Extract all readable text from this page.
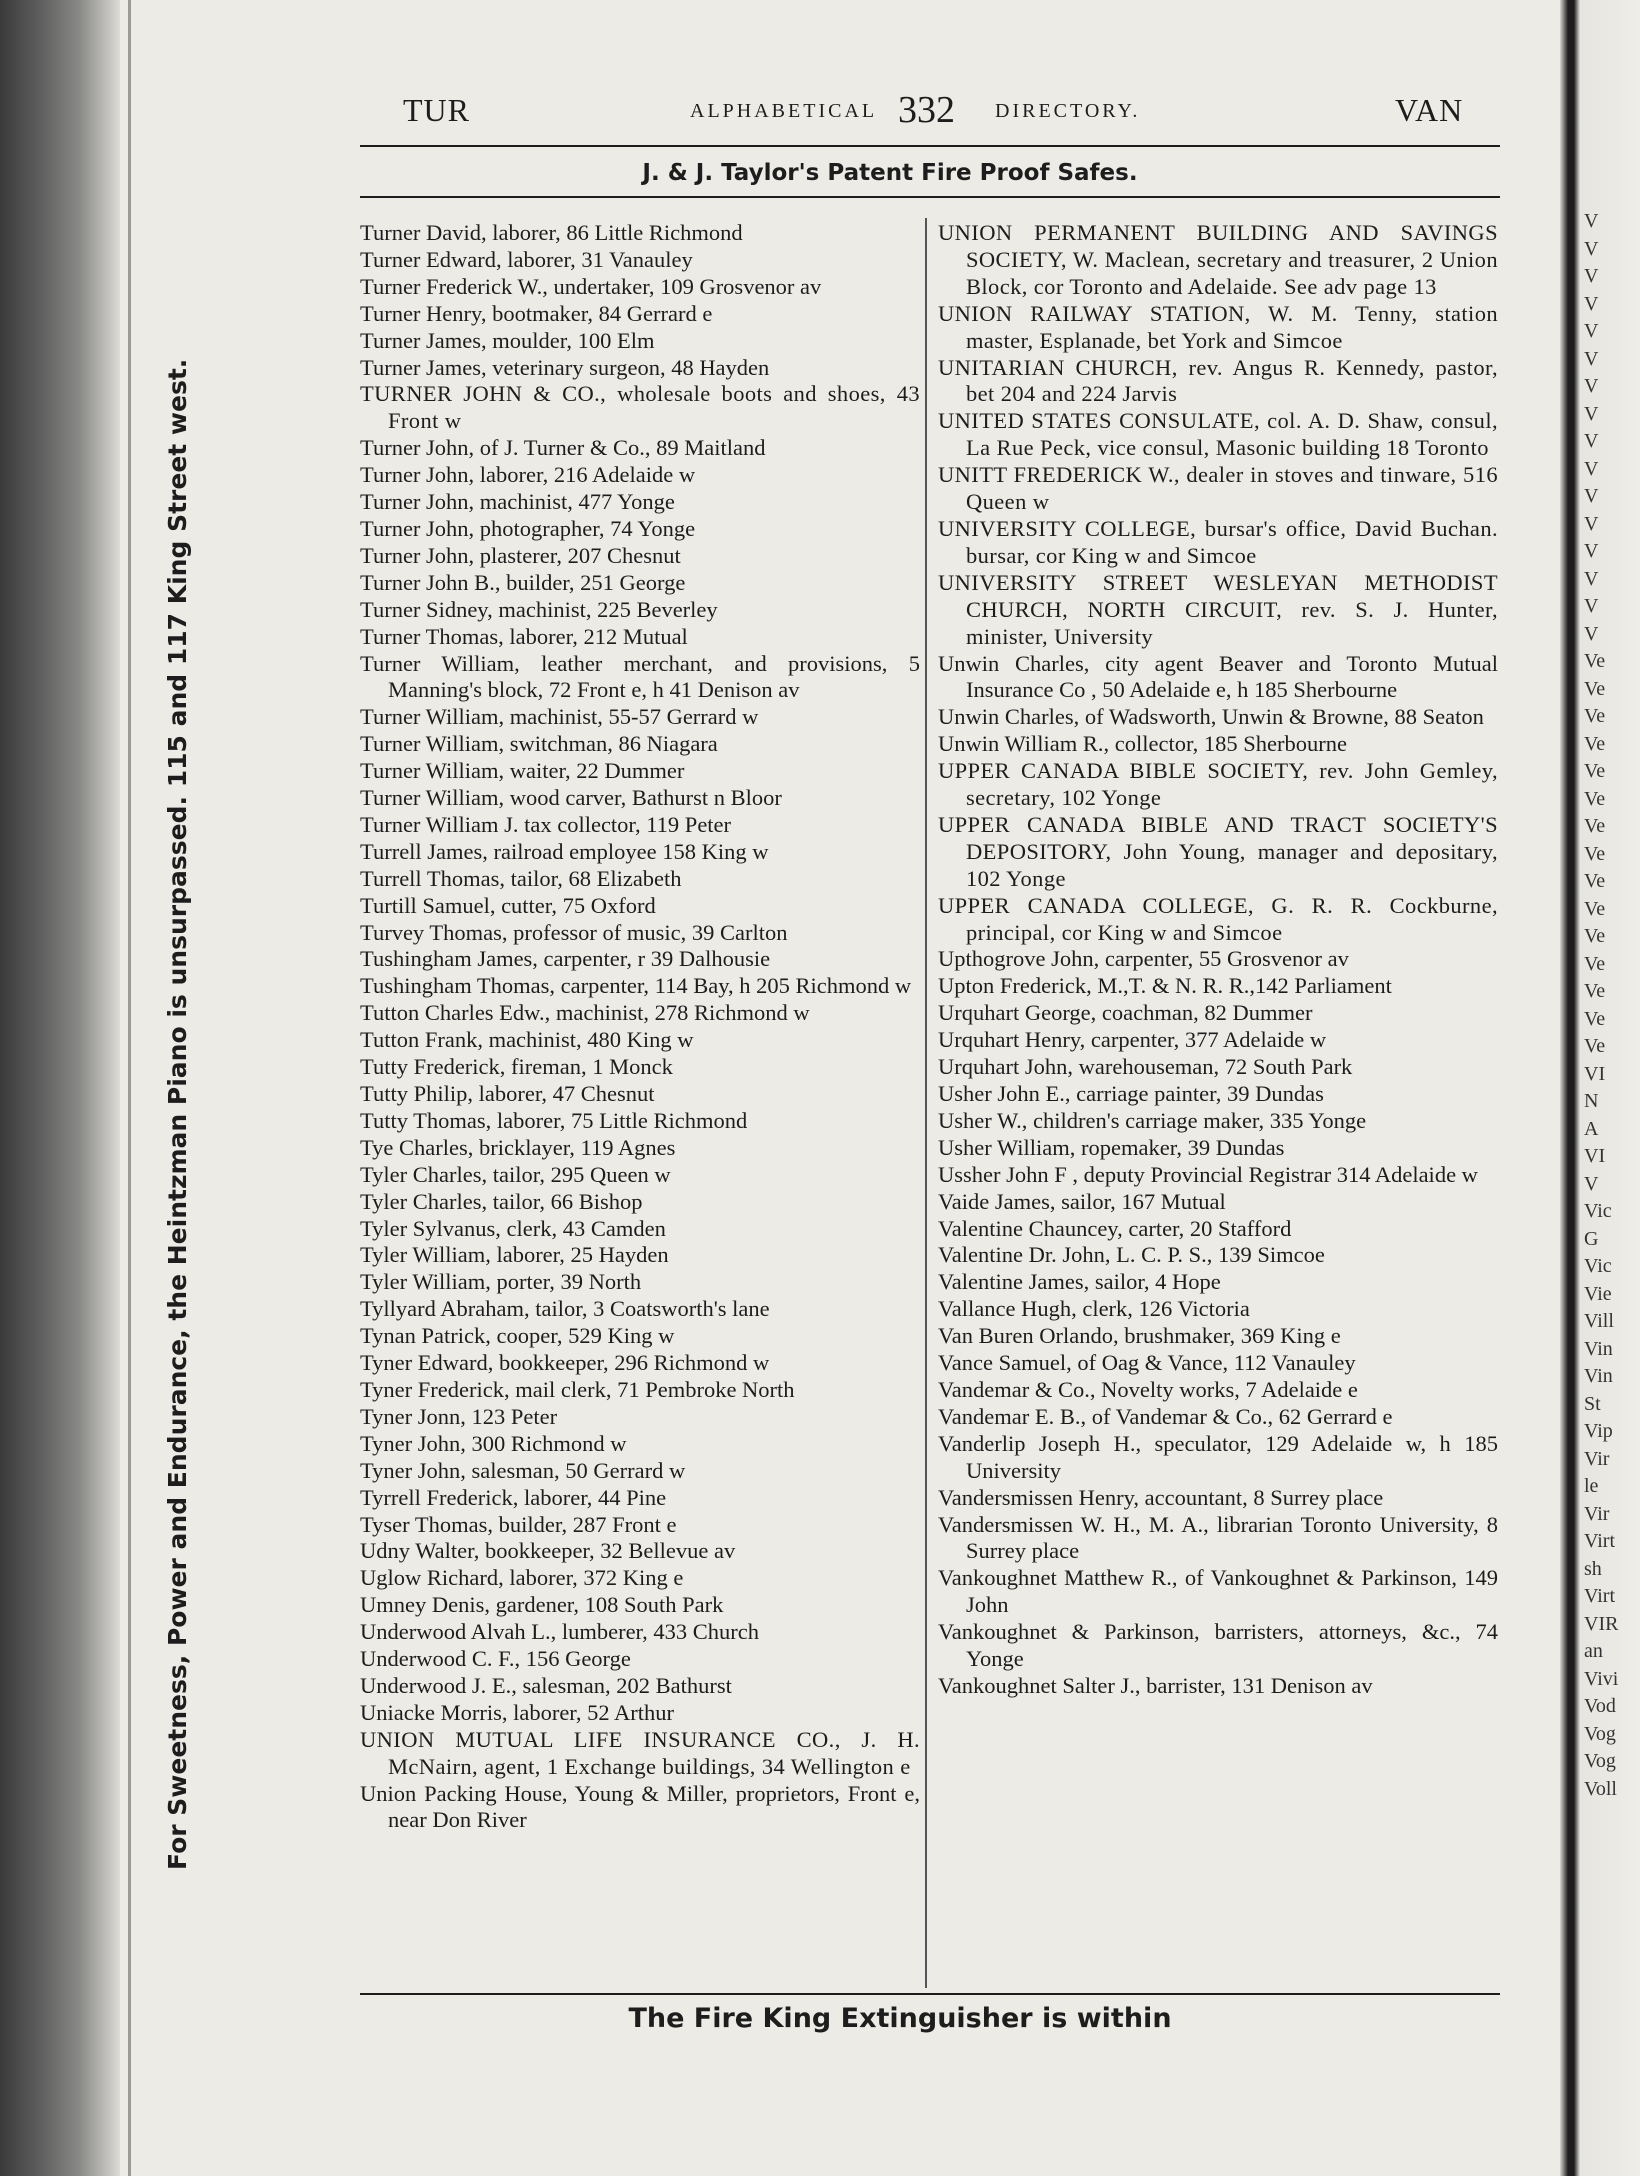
V
V
V
V
V
V
V
V
V
V
V
V
V
V
V
V
Ve
Ve
Ve
Ve
Ve
Ve
Ve
Ve
Ve
Ve
Ve
Ve
Ve
Ve
Ve
VI
N
A
VI
V
Vic
G
Vic
Vie
Vill
Vin
Vin
St
Vip
Vir
le
Vir
Virt
sh
Virt
VIR
an
Vivi
Vod
Vog
Vog
Voll
TUR	ALPHABETICAL 332 DIRECTORY.	VAN
J. & J. Taylor's Patent Fire Proof Safes.
Turner David, laborer, 86 Little Richmond
Turner Edward, laborer, 31 Vanauley
Turner Frederick W., undertaker, 109 Grosvenor av
Turner Henry, bootmaker, 84 Gerrard e
Turner James, moulder, 100 Elm
Turner James, veterinary surgeon, 48 Hayden
TURNER JOHN & CO., wholesale boots and shoes, 43 Front w
Turner John, of J. Turner & Co., 89 Maitland
Turner John, laborer, 216 Adelaide w
Turner John, machinist, 477 Yonge
Turner John, photographer, 74 Yonge
Turner John, plasterer, 207 Chesnut
Turner John B., builder, 251 George
Turner Sidney, machinist, 225 Beverley
Turner Thomas, laborer, 212 Mutual
Turner William, leather merchant, and provisions, 5 Manning's block, 72 Front e, h 41 Denison av
Turner William, machinist, 55-57 Gerrard w
Turner William, switchman, 86 Niagara
Turner William, waiter, 22 Dummer
Turner William, wood carver, Bathurst n Bloor
Turner William J. tax collector, 119 Peter
Turrell James, railroad employee 158 King w
Turrell Thomas, tailor, 68 Elizabeth
Turtill Samuel, cutter, 75 Oxford
Turvey Thomas, professor of music, 39 Carlton
Tushingham James, carpenter, r 39 Dalhousie
Tushingham Thomas, carpenter, 114 Bay, h 205 Richmond w
Tutton Charles Edw., machinist, 278 Richmond w
Tutton Frank, machinist, 480 King w
Tutty Frederick, fireman, 1 Monck
Tutty Philip, laborer, 47 Chesnut
Tutty Thomas, laborer, 75 Little Richmond
Tye Charles, bricklayer, 119 Agnes
Tyler Charles, tailor, 295 Queen w
Tyler Charles, tailor, 66 Bishop
Tyler Sylvanus, clerk, 43 Camden
Tyler William, laborer, 25 Hayden
Tyler William, porter, 39 North
Tyllyard Abraham, tailor, 3 Coatsworth's lane
Tynan Patrick, cooper, 529 King w
Tyner Edward, bookkeeper, 296 Richmond w
Tyner Frederick, mail clerk, 71 Pembroke North
Tyner Jonn, 123 Peter
Tyner John, 300 Richmond w
Tyner John, salesman, 50 Gerrard w
Tyrrell Frederick, laborer, 44 Pine
Tyser Thomas, builder, 287 Front e
Udny Walter, bookkeeper, 32 Bellevue av
Uglow Richard, laborer, 372 King e
Umney Denis, gardener, 108 South Park
Underwood Alvah L., lumberer, 433 Church
Underwood C. F., 156 George
Underwood J. E., salesman, 202 Bathurst
Uniacke Morris, laborer, 52 Arthur
UNION MUTUAL LIFE INSURANCE CO., J. H. McNairn, agent, 1 Exchange buildings, 34 Wellington e
Union Packing House, Young & Miller, proprietors, Front e, near Don River
UNION PERMANENT BUILDING AND SAVINGS SOCIETY, W. Maclean, secretary and treasurer, 2 Union Block, cor Toronto and Adelaide. See adv page 13
UNION RAILWAY STATION, W. M. Tenny, station master, Esplanade, bet York and Simcoe
UNITARIAN CHURCH, rev. Angus R. Kennedy, pastor, bet 204 and 224 Jarvis
UNITED STATES CONSULATE, col. A. D. Shaw, consul, La Rue Peck, vice consul, Masonic building 18 Toronto
UNITT FREDERICK W., dealer in stoves and tinware, 516 Queen w
UNIVERSITY COLLEGE, bursar's office, David Buchan. bursar, cor King w and Simcoe
UNIVERSITY STREET WESLEYAN METHODIST CHURCH, NORTH CIRCUIT, rev. S. J. Hunter, minister, University
Unwin Charles, city agent Beaver and Toronto Mutual Insurance Co , 50 Adelaide e, h 185 Sherbourne
Unwin Charles, of Wadsworth, Unwin & Browne, 88 Seaton
Unwin William R., collector, 185 Sherbourne
UPPER CANADA BIBLE SOCIETY, rev. John Gemley, secretary, 102 Yonge
UPPER CANADA BIBLE AND TRACT SOCIETY'S DEPOSITORY, John Young, manager and depositary, 102 Yonge
UPPER CANADA COLLEGE, G. R. R. Cockburne, principal, cor King w and Simcoe
Upthogrove John, carpenter, 55 Grosvenor av
Upton Frederick, M.,T. & N. R. R.,142 Parliament
Urquhart George, coachman, 82 Dummer
Urquhart Henry, carpenter, 377 Adelaide w
Urquhart John, warehouseman, 72 South Park
Usher John E., carriage painter, 39 Dundas
Usher W., children's carriage maker, 335 Yonge
Usher William, ropemaker, 39 Dundas
Ussher John F , deputy Provincial Registrar 314 Adelaide w
Vaide James, sailor, 167 Mutual
Valentine Chauncey, carter, 20 Stafford
Valentine Dr. John, L. C. P. S., 139 Simcoe
Valentine James, sailor, 4 Hope
Vallance Hugh, clerk, 126 Victoria
Van Buren Orlando, brushmaker, 369 King e
Vance Samuel, of Oag & Vance, 112 Vanauley
Vandemar & Co., Novelty works, 7 Adelaide e
Vandemar E. B., of Vandemar & Co., 62 Gerrard e
Vanderlip Joseph H., speculator, 129 Adelaide w, h 185 University
Vandersmissen Henry, accountant, 8 Surrey place
Vandersmissen W. H., M. A., librarian Toronto University, 8 Surrey place
Vankoughnet Matthew R., of Vankoughnet & Parkinson, 149 John
Vankoughnet & Parkinson, barristers, attorneys, &c., 74 Yonge
Vankoughnet Salter J., barrister, 131 Denison av
The Fire King Extinguisher is within
For Sweetness, Power and Endurance, the Heintzman Piano is unsurpassed. 115 and 117 King Street west.
